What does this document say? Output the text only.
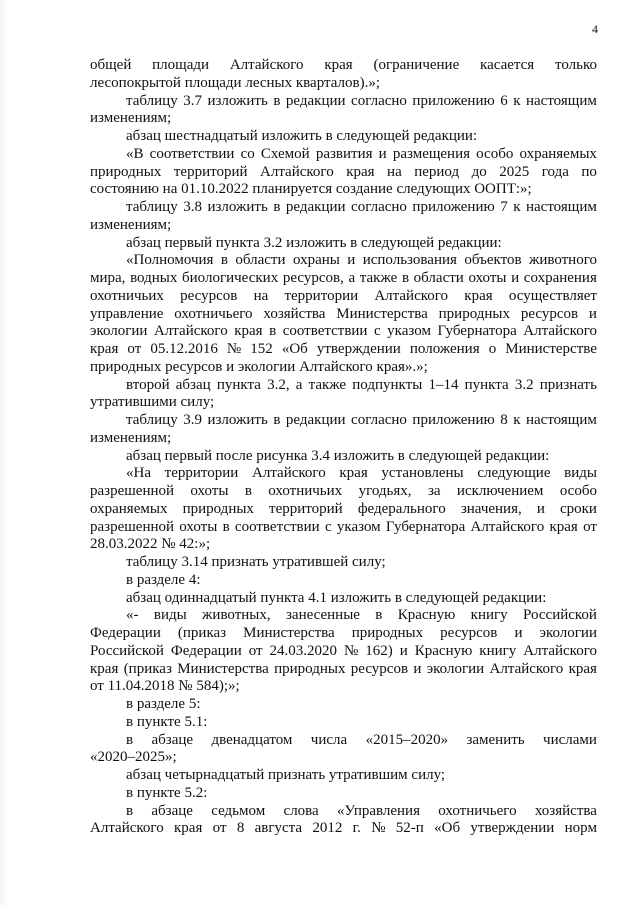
4
общей площади Алтайского края (ограничение касается только
лесопокрытой площади лесных кварталов).»;
таблицу 3.7 изложить в редакции согласно приложению 6 к настоящим
изменениям;
абзац шестнадцатый изложить в следующей редакции:
«В соответствии со Схемой развития и размещения особо охраняемых
природных территорий Алтайского края на период до 2025 года по
состоянию на 01.10.2022 планируется создание следующих ООПТ:»;
таблицу 3.8 изложить в редакции согласно приложению 7 к настоящим
изменениям;
абзац первый пункта 3.2 изложить в следующей редакции:
«Полномочия в области охраны и использования объектов животного
мира, водных биологических ресурсов, а также в области охоты и сохранения
охотничьих ресурсов на территории Алтайского края осуществляет
управление охотничьего хозяйства Министерства природных ресурсов и
экологии Алтайского края в соответствии с указом Губернатора Алтайского
края от 05.12.2016 № 152 «Об утверждении положения о Министерстве
природных ресурсов и экологии Алтайского края».»;
второй абзац пункта 3.2, а также подпункты 1–14 пункта 3.2 признать
утратившими силу;
таблицу 3.9 изложить в редакции согласно приложению 8 к настоящим
изменениям;
абзац первый после рисунка 3.4 изложить в следующей редакции:
«На территории Алтайского края установлены следующие виды
разрешенной охоты в охотничьих угодьях, за исключением особо
охраняемых природных территорий федерального значения, и сроки
разрешенной охоты в соответствии с указом Губернатора Алтайского края от
28.03.2022 № 42:»;
таблицу 3.14 признать утратившей силу;
в разделе 4:
абзац одиннадцатый пункта 4.1 изложить в следующей редакции:
«- виды животных, занесенные в Красную книгу Российской
Федерации (приказ Министерства природных ресурсов и экологии
Российской Федерации от 24.03.2020 № 162) и Красную книгу Алтайского
края (приказ Министерства природных ресурсов и экологии Алтайского края
от 11.04.2018 № 584);»;
в разделе 5:
в пункте 5.1:
в абзаце двенадцатом числа «2015–2020» заменить числами
«2020–2025»;
абзац четырнадцатый признать утратившим силу;
в пункте 5.2:
в абзаце седьмом слова «Управления охотничьего хозяйства
Алтайского края от 8 августа 2012 г. № 52-п «Об утверждении норм
